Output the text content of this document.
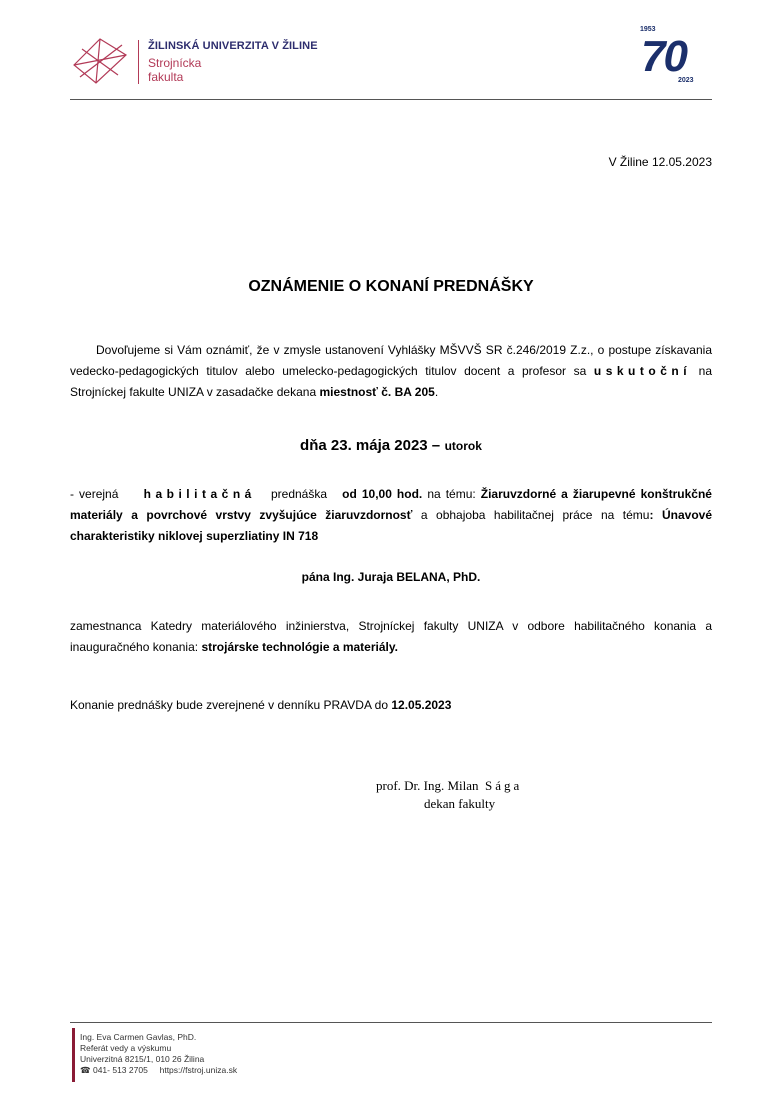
ŽILINSKÁ UNIVERZITA V ŽILINE
Strojnícka
fakulta
1953
70
2023
V Žiline 12.05.2023
OZNÁMENIE O KONANÍ PREDNÁŠKY
Dovoľujeme si Vám oznámiť, že v zmysle ustanovení Vyhlášky MŠVVŠ SR č.246/2019 Z.z., o postupe získavania vedecko-pedagogických titulov alebo umelecko-pedagogických titulov docent a profesor sa uskutoční na Strojníckej fakulte UNIZA v zasadačke dekana miestnosť č. BA 205.
dňa 23. mája 2023 – utorok
- verejná habilitačná prednáška od 10,00 hod. na tému: Žiaruvzdorné a žiarupevné konštrukčné materiály a povrchové vrstvy zvyšujúce žiaruvzdornosť a obhajoba habilitačnej práce na tému: Únavové charakteristiky niklovej superzliatiny IN 718
pána Ing. Juraja BELANA, PhD.
zamestnanca Katedry materiálového inžinierstva, Strojníckej fakulty UNIZA v odbore habilitačného konania a inauguračného konania: strojárske technológie a materiály.
Konanie prednášky bude zverejnené v denníku PRAVDA do 12.05.2023
prof. Dr. Ing. Milan Sága
dekan fakulty
Ing. Eva Carmen Gavlas, PhD.
Referát vedy a výskumu
Univerzitná 8215/1, 010 26 Žilina
☎ 041- 513 2705 https://fstroj.uniza.sk
